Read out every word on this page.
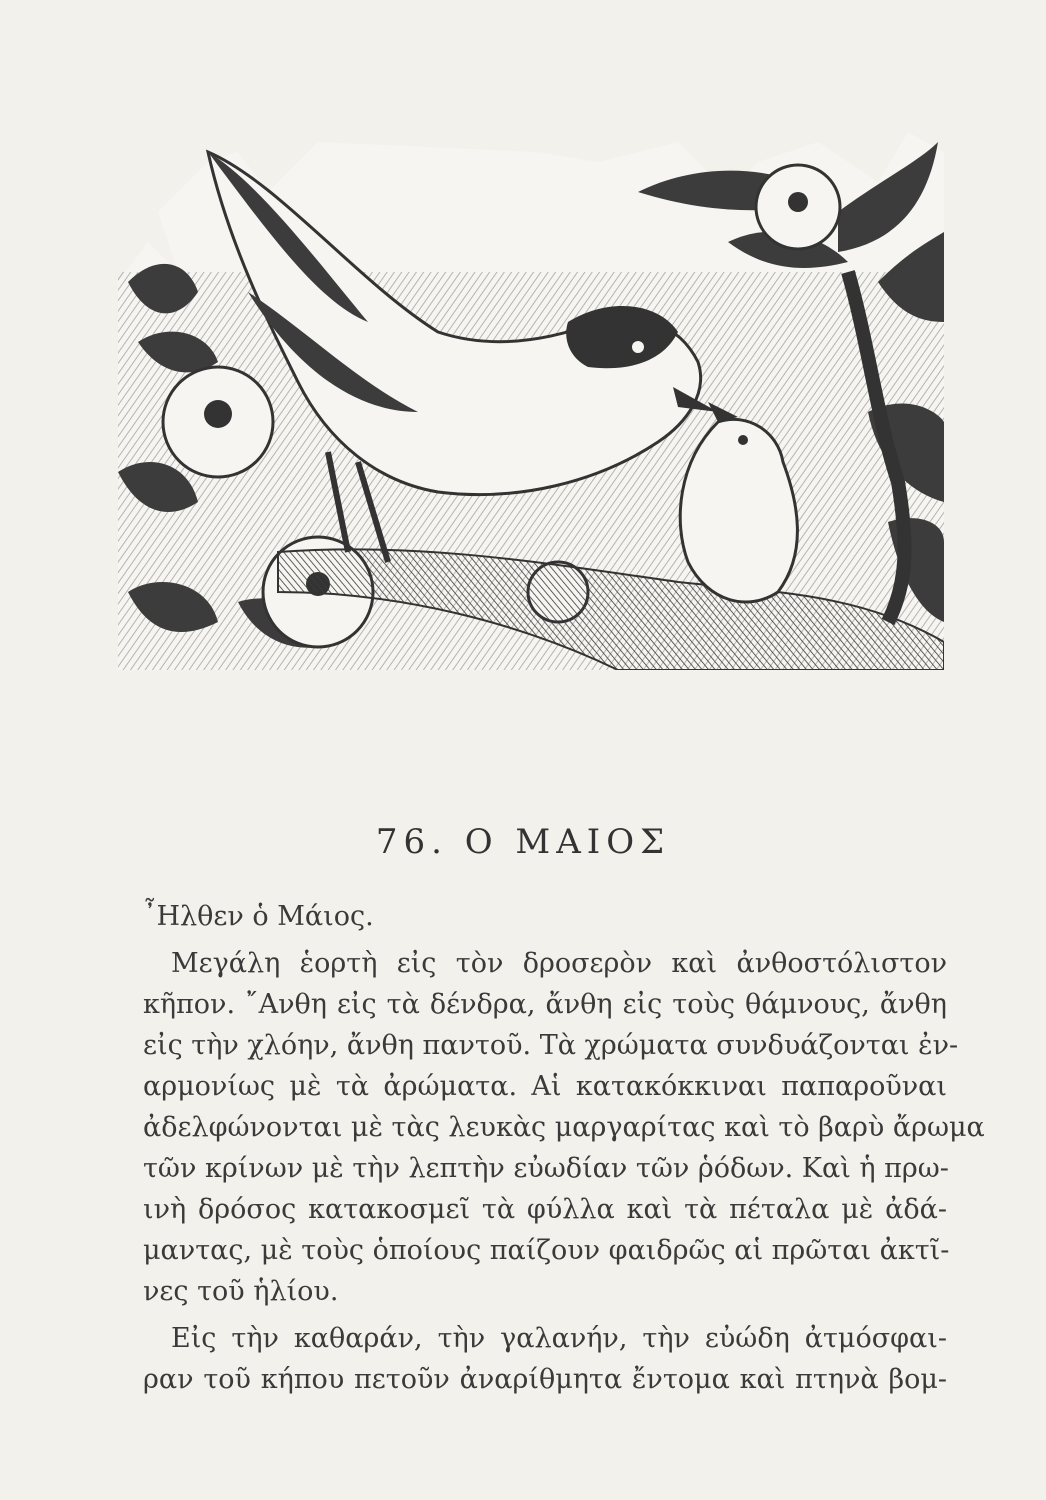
76. Ο ΜΑΙΟΣ
῏Ηλθεν ὁ Μάιος.
Μεγάλη ἑορτὴ εἰς τὸν δροσερὸν καὶ ἀνθοστόλιστον
κῆπον. ῎Ανθη εἰς τὰ δένδρα, ἄνθη εἰς τοὺς θάμνους, ἄνθη
εἰς τὴν χλόην, ἄνθη παντοῦ. Τὰ χρώματα συνδυάζονται ἐν-
αρμονίως μὲ τὰ ἀρώματα. Αἱ κατακόκκιναι παπαροῦναι
ἀδελφώνονται μὲ τὰς λευκὰς μαργαρίτας καὶ τὸ βαρὺ ἄρωμα
τῶν κρίνων μὲ τὴν λεπτὴν εὐωδίαν τῶν ῥόδων. Καὶ ἡ πρω-
ινὴ δρόσος κατακοσμεῖ τὰ φύλλα καὶ τὰ πέταλα μὲ ἀδά-
μαντας, μὲ τοὺς ὁποίους παίζουν φαιδρῶς αἱ πρῶται ἀκτῖ-
νες τοῦ ἡλίου.
Εἰς τὴν καθαράν, τὴν γαλανήν, τὴν εὐώδη ἀτμόσφαι-
ραν τοῦ κήπου πετοῦν ἀναρίθμητα ἔντομα καὶ πτηνὰ βομ-
